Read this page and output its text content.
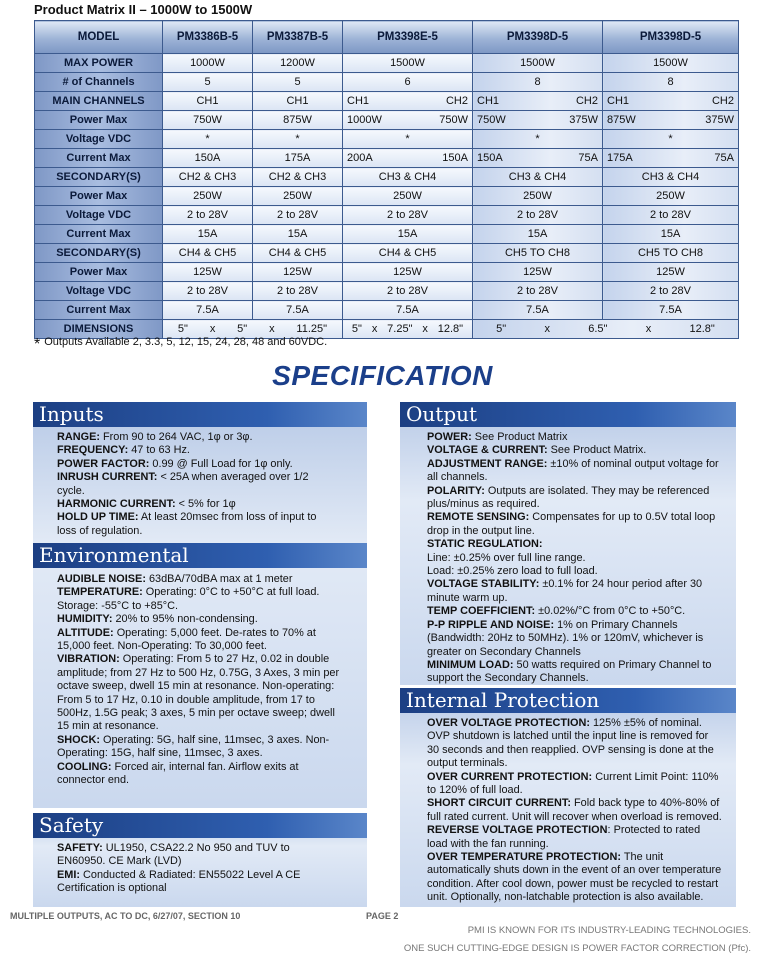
Product Matrix II – 1000W to 1500W
MODEL	PM3386B-5	PM3387B-5	PM3398E-5	PM3398D-5	PM3398D-5
MAX POWER	1000W	1200W	1500W	1500W	1500W
# of Channels	5	5	6	8	8
MAIN CHANNELS	CH1	CH1	CH1 CH2	CH1 CH2	CH1 CH2

Power Max	750W	875W	1000W 750W	750W 375W	875W 375W

Voltage VDC	*	*	*	*	*
Current Max	150A	175A	200A 150A	150A 75A	175A 75A

SECONDARY(S)	CH2 & CH3	CH2 & CH3	CH3 & CH4	CH3 & CH4	CH3 & CH4
Power Max	250W	250W	250W	250W	250W
Voltage VDC	2 to 28V	2 to 28V	2 to 28V	2 to 28V	2 to 28V
Current Max	15A	15A	15A	15A	15A
SECONDARY(S)	CH4 & CH5	CH4 & CH5	CH4 & CH5	CH5 TO CH8	CH5 TO CH8
Power Max	125W	125W	125W	125W	125W
Voltage VDC	2 to 28V	2 to 28V	2 to 28V	2 to 28V	2 to 28V
Current Max	7.5A	7.5A	7.5A	7.5A	7.5A
DIMENSIONS	5" x 5" x 11.25"		5" x 7.25" x 12.8"	5" x 6.5" x 12.8"	
* Outputs Available 2, 3.3, 5, 12, 15, 24, 28, 48 and 60VDC.
SPECIFICATION
Inputs

RANGE: From 90 to 264 VAC, 1φ or 3φ.

FREQUENCY: 47 to 63 Hz.

POWER FACTOR: 0.99 @ Full Load for 1φ only.

INRUSH CURRENT: < 25A when averaged over 1/2 cycle.

HARMONIC CURRENT: < 5% for 1φ

HOLD UP TIME: At least 20msec from loss of input to loss of regulation.

Environmental

AUDIBLE NOISE: 63dBA/70dBA max at 1 meter

TEMPERATURE: Operating: 0°C to +50°C at full load. Storage: -55°C to +85°C.

HUMIDITY: 20% to 95% non-condensing.

ALTITUDE: Operating: 5,000 feet. De-rates to 70% at 15,000 feet. Non-Operating: To 30,000 feet.

VIBRATION: Operating: From 5 to 27 Hz, 0.02 in double amplitude; from 27 Hz to 500 Hz, 0.75G, 3 Axes, 3 min per octave sweep, dwell 15 min at resonance. Non-operating: From 5 to 17 Hz, 0.10 in double amplitude, from 17 to 500Hz, 1.5G peak; 3 axes, 5 min per octave sweep; dwell 15 min at resonance.

SHOCK: Operating: 5G, half sine, 11msec, 3 axes. Non-Operating: 15G, half sine, 11msec, 3 axes.

COOLING: Forced air, internal fan. Airflow exits at connector end.

Safety

SAFETY: UL1950, CSA22.2 No 950 and TUV to EN60950. CE Mark (LVD)

EMI: Conducted & Radiated: EN55022 Level A CE Certification is optional

Output

POWER: See Product Matrix

VOLTAGE & CURRENT: See Product Matrix.

ADJUSTMENT RANGE: ±10% of nominal output voltage for all channels.

POLARITY: Outputs are isolated. They may be referenced plus/minus as required.

REMOTE SENSING: Compensates for up to 0.5V total loop drop in the output line.

STATIC REGULATION:

Line: ±0.25% over full line range.

Load: ±0.25% zero load to full load.

VOLTAGE STABILITY: ±0.1% for 24 hour period after 30 minute warm up.

TEMP COEFFICIENT: ±0.02%/°C from 0°C to +50°C.

P-P RIPPLE AND NOISE: 1% on Primary Channels (Bandwidth: 20Hz to 50MHz). 1% or 120mV, whichever is greater on Secondary Channels

MINIMUM LOAD: 50 watts required on Primary Channel to support the Secondary Channels.

Internal Protection

OVER VOLTAGE PROTECTION: 125% ±5% of nominal. OVP shutdown is latched until the input line is removed for 30 seconds and then reapplied. OVP sensing is done at the output terminals.

OVER CURRENT PROTECTION: Current Limit Point: 110% to 120% of full load.

SHORT CIRCUIT CURRENT: Fold back type to 40%-80% of full rated current. Unit will recover when overload is removed.

REVERSE VOLTAGE PROTECTION: Protected to rated load with the fan running.

OVER TEMPERATURE PROTECTION: The unit automatically shuts down in the event of an over temperature condition. After cool down, power must be recycled to restart unit. Optionally, non-latchable protection is also available.

MULTIPLE OUTPUTS, AC TO DC, 6/27/07, SECTION 10	PAGE 2
PMI IS KNOWN FOR ITS INDUSTRY-LEADING TECHNOLOGIES.
ONE SUCH CUTTING-EDGE DESIGN IS POWER FACTOR CORRECTION (Pfc).
